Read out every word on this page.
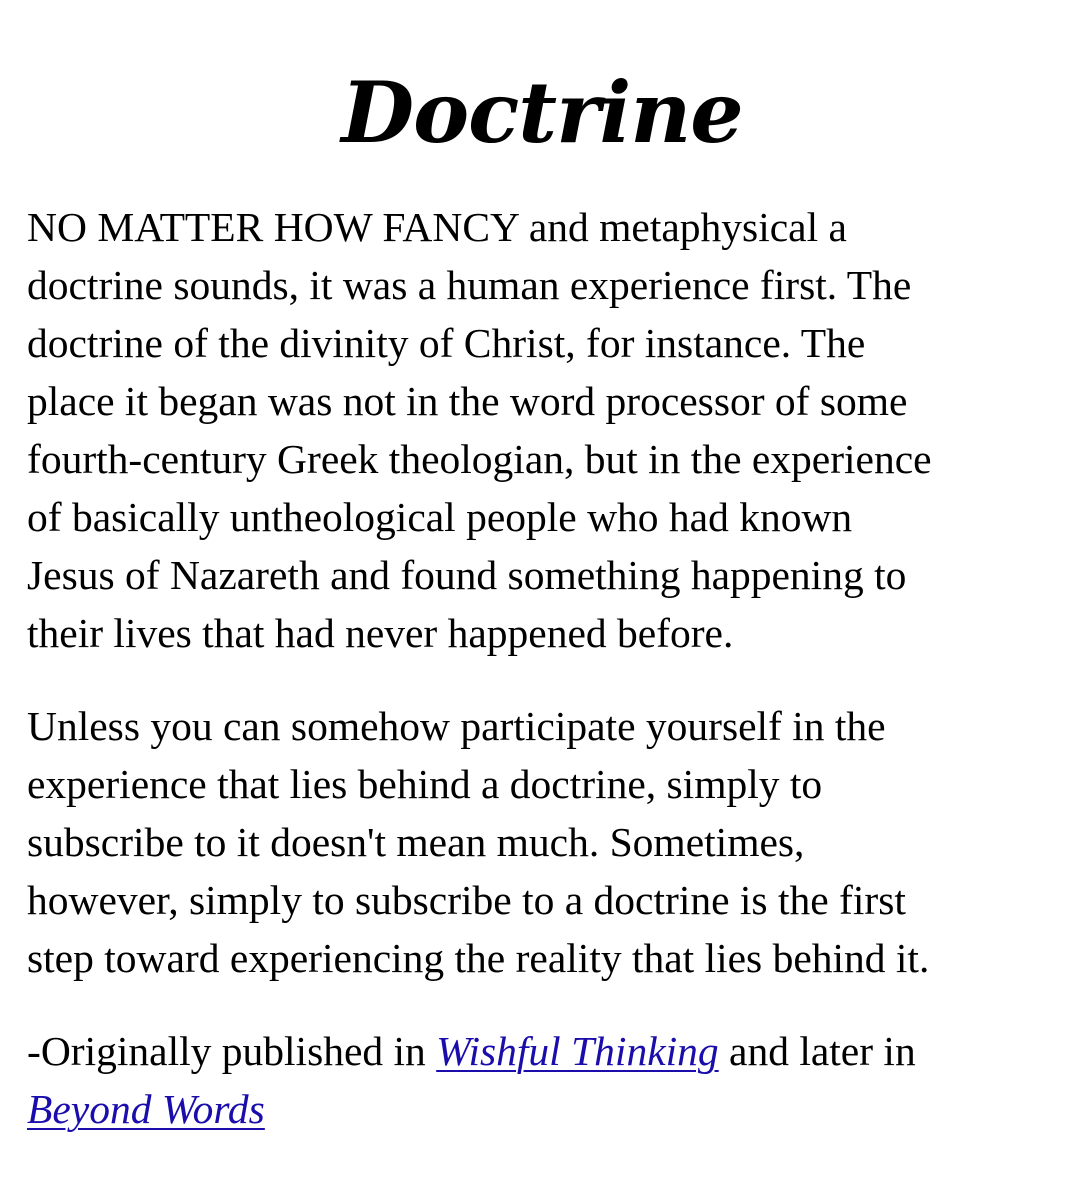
Doctrine

NO MATTER HOW FANCY and metaphysical a
doctrine sounds, it was a human experience first. The
doctrine of the divinity of Christ, for instance. The
place it began was not in the word processor of some
fourth-century Greek theologian, but in the experience
of basically untheological people who had known
Jesus of Nazareth and found something happening to
their lives that had never happened before.

Unless you can somehow participate yourself in the
experience that lies behind a doctrine, simply to
subscribe to it doesn't mean much. Sometimes,
however, simply to subscribe to a doctrine is the first
step toward experiencing the reality that lies behind it.

-Originally published in Wishful Thinking and later in
Beyond Words
